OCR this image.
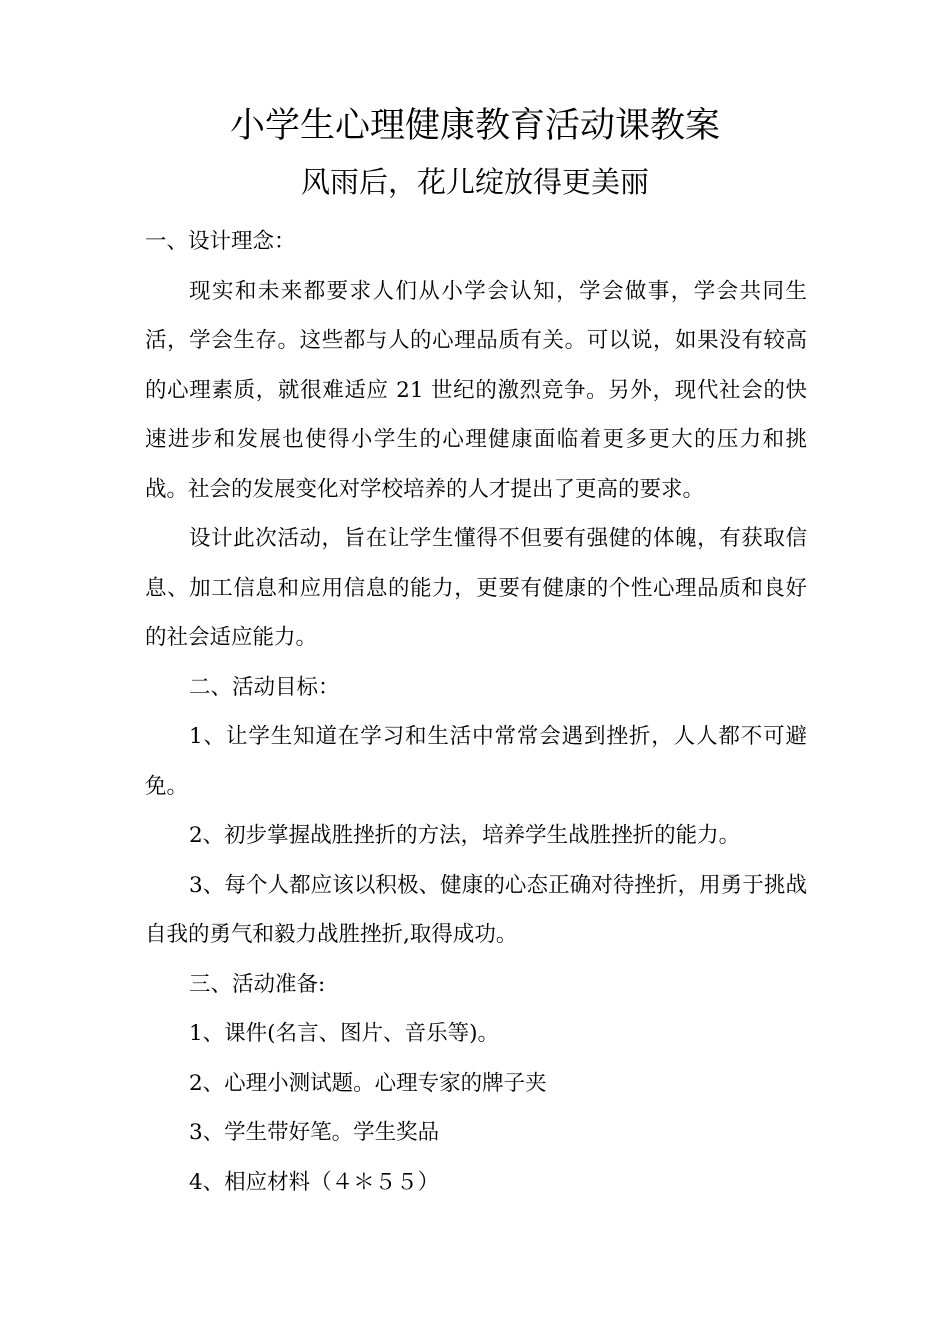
小学生心理健康教育活动课教案
风雨后，花儿绽放得更美丽

一、设计理念：

现实和未来都要求人们从小学会认知，学会做事，学会共同生活，学会生存。这些都与人的心理品质有关。可以说，如果没有较高的心理素质，就很难适应 21 世纪的激烈竞争。另外，现代社会的快速进步和发展也使得小学生的心理健康面临着更多更大的压力和挑战。社会的发展变化对学校培养的人才提出了更高的要求。

设计此次活动，旨在让学生懂得不但要有强健的体魄，有获取信息、加工信息和应用信息的能力，更要有健康的个性心理品质和良好的社会适应能力。

二、活动目标：

1、让学生知道在学习和生活中常常会遇到挫折，人人都不可避免。

2、初步掌握战胜挫折的方法，培养学生战胜挫折的能力。

3、每个人都应该以积极、健康的心态正确对待挫折，用勇于挑战自我的勇气和毅力战胜挫折,取得成功。

三、活动准备:

1、课件(名言、图片、音乐等)。

2、心理小测试题。心理专家的牌子夹

3、学生带好笔。学生奖品

4、相应材料（４＊５５）
